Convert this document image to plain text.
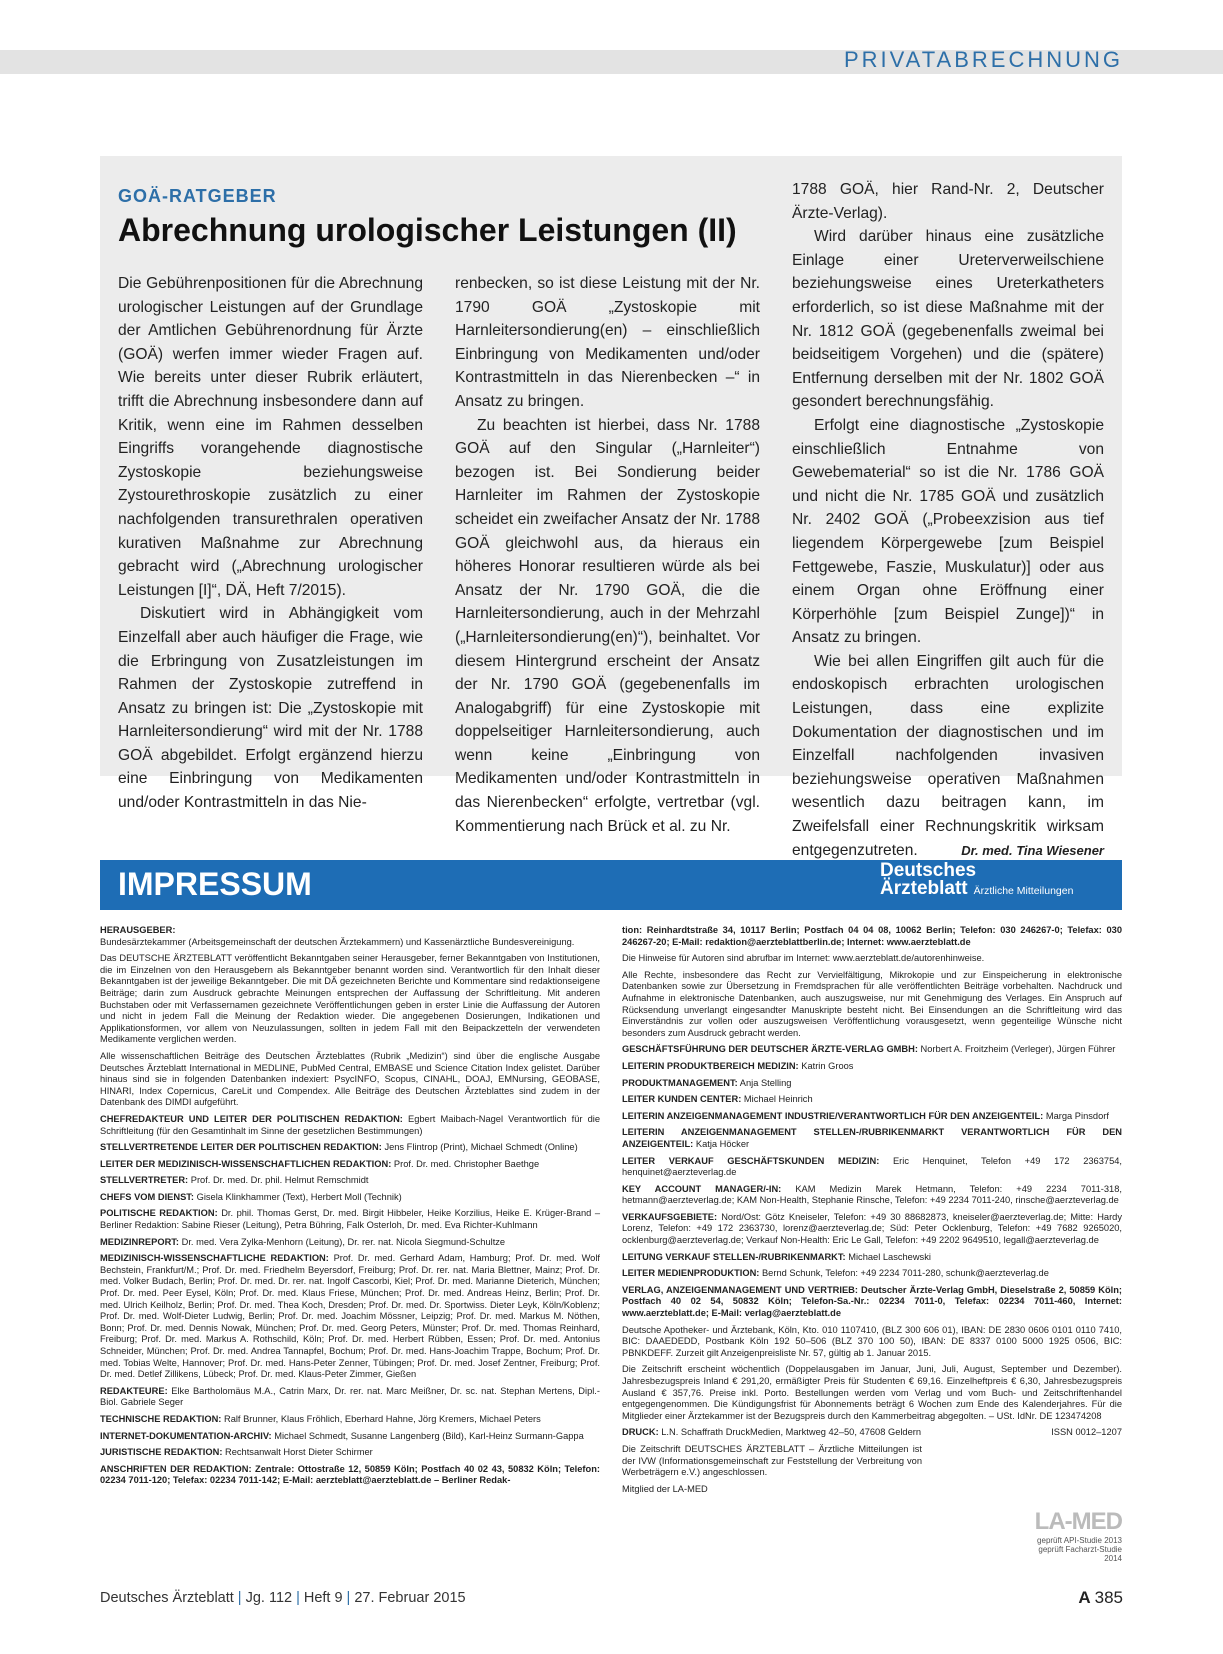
PRIVATABRECHNUNG
GOÄ-RATGEBER
Abrechnung urologischer Leistungen (II)

Die Gebührenpositionen für die Abrechnung urologischer Leistungen auf der Grundlage der Amtlichen Gebührenordnung für Ärzte (GOÄ) werfen immer wieder Fragen auf. Wie bereits unter dieser Rubrik erläutert, trifft die Abrechnung insbesondere dann auf Kritik, wenn eine im Rahmen desselben Eingriffs vorangehende diagnostische Zystoskopie beziehungsweise Zystourethroskopie zusätzlich zu einer nachfolgenden transurethralen operativen kurativen Maßnahme zur Abrechnung gebracht wird („Abrechnung urologischer Leistungen [I]“, DÄ, Heft 7/2015).

Diskutiert wird in Abhängigkeit vom Einzelfall aber auch häufiger die Frage, wie die Erbringung von Zusatzleistungen im Rahmen der Zystoskopie zutreffend in Ansatz zu bringen ist: Die „Zystoskopie mit Harnleitersondierung“ wird mit der Nr. 1788 GOÄ abgebildet. Erfolgt ergänzend hierzu eine Einbringung von Medikamenten und/oder Kontrastmitteln in das Nie-

renbecken, so ist diese Leistung mit der Nr. 1790 GOÄ „Zystoskopie mit Harnleitersondierung(en) – einschließlich Einbringung von Medikamenten und/oder Kontrastmitteln in das Nierenbecken –“ in Ansatz zu bringen.

Zu beachten ist hierbei, dass Nr. 1788 GOÄ auf den Singular („Harnleiter“) bezogen ist. Bei Sondierung beider Harnleiter im Rahmen der Zystoskopie scheidet ein zweifacher Ansatz der Nr. 1788 GOÄ gleichwohl aus, da hieraus ein höheres Honorar resultieren würde als bei Ansatz der Nr. 1790 GOÄ, die die Harnleitersondierung, auch in der Mehrzahl („Harnleitersondierung(en)“), beinhaltet. Vor diesem Hintergrund erscheint der Ansatz der Nr. 1790 GOÄ (gegebenenfalls im Analogabgriff) für eine Zystoskopie mit doppelseitiger Harnleitersondierung, auch wenn keine „Einbringung von Medikamenten und/oder Kontrastmitteln in das Nierenbecken“ erfolgte, vertretbar (vgl. Kommentierung nach Brück et al. zu Nr.

1788 GOÄ, hier Rand-Nr. 2, Deutscher Ärzte-Verlag).

Wird darüber hinaus eine zusätzliche Einlage einer Ureterverweilschiene beziehungsweise eines Ureterkatheters erforderlich, so ist diese Maßnahme mit der Nr. 1812 GOÄ (gegebenenfalls zweimal bei beidseitigem Vorgehen) und die (spätere) Entfernung derselben mit der Nr. 1802 GOÄ gesondert berechnungsfähig.

Erfolgt eine diagnostische „Zystoskopie einschließlich Entnahme von Gewebematerial“ so ist die Nr. 1786 GOÄ und nicht die Nr. 1785 GOÄ und zusätzlich Nr. 2402 GOÄ („Probeexzision aus tief liegendem Körpergewebe [zum Beispiel Fettgewebe, Faszie, Muskulatur)] oder aus einem Organ ohne Eröffnung einer Körperhöhle [zum Beispiel Zunge])“ in Ansatz zu bringen.

Wie bei allen Eingriffen gilt auch für die endoskopisch erbrachten urologischen Leistungen, dass eine explizite Dokumentation der diagnostischen und im Einzelfall nachfolgenden invasiven beziehungsweise operativen Maßnahmen wesentlich dazu beitragen kann, im Zweifelsfall einer Rechnungskritik wirksam entgegenzutreten.	Dr. med. Tina Wiesener

IMPRESSUM	Deutsches
Ärzteblatt Ärztliche Mitteilungen
HERAUSGEBER:
Bundesärztekammer (Arbeitsgemeinschaft der deutschen Ärztekammern) und Kassenärztliche Bundesvereinigung.
Das DEUTSCHE ÄRZTEBLATT veröffentlicht Bekanntgaben seiner Herausgeber, ferner Bekanntgaben von Institutionen, die im Einzelnen von den Herausgebern als Bekanntgeber benannt worden sind. Verantwortlich für den Inhalt dieser Bekanntgaben ist der jeweilige Bekanntgeber. Die mit DÄ gezeichneten Berichte und Kommentare sind redaktionseigene Beiträge; darin zum Ausdruck gebrachte Meinungen entsprechen der Auffassung der Schriftleitung. Mit anderen Buchstaben oder mit Verfassernamen gezeichnete Veröffentlichungen geben in erster Linie die Auffassung der Autoren und nicht in jedem Fall die Meinung der Redaktion wieder. Die angegebenen Dosierungen, Indikationen und Applikationsformen, vor allem von Neuzulassungen, sollten in jedem Fall mit den Beipackzetteln der verwendeten Medikamente verglichen werden.
Alle wissenschaftlichen Beiträge des Deutschen Ärzteblattes (Rubrik „Medizin“) sind über die englische Ausgabe Deutsches Ärzteblatt International in MEDLINE, PubMed Central, EMBASE und Science Citation Index gelistet. Darüber hinaus sind sie in folgenden Datenbanken indexiert: PsycINFO, Scopus, CINAHL, DOAJ, EMNursing, GEOBASE, HINARI, Index Copernicus, CareLit und Compendex. Alle Beiträge des Deutschen Ärzteblattes sind zudem in der Datenbank des DIMDI aufgeführt.
CHEFREDAKTEUR UND LEITER DER POLITISCHEN REDAKTION: Egbert Maibach-Nagel Verantwortlich für die Schriftleitung (für den Gesamtinhalt im Sinne der gesetzlichen Bestimmungen)
STELLVERTRETENDE LEITER DER POLITISCHEN REDAKTION: Jens Flintrop (Print), Michael Schmedt (Online)
LEITER DER MEDIZINISCH-WISSENSCHAFTLICHEN REDAKTION: Prof. Dr. med. Christopher Baethge
STELLVERTRETER: Prof. Dr. med. Dr. phil. Helmut Remschmidt
CHEFS VOM DIENST: Gisela Klinkhammer (Text), Herbert Moll (Technik)
POLITISCHE REDAKTION: Dr. phil. Thomas Gerst, Dr. med. Birgit Hibbeler, Heike Korzilius, Heike E. Krüger-Brand – Berliner Redaktion: Sabine Rieser (Leitung), Petra Bühring, Falk Osterloh, Dr. med. Eva Richter-Kuhlmann
MEDIZINREPORT: Dr. med. Vera Zylka-Menhorn (Leitung), Dr. rer. nat. Nicola Siegmund-Schultze
MEDIZINISCH-WISSENSCHAFTLICHE REDAKTION: Prof. Dr. med. Gerhard Adam, Hamburg; Prof. Dr. med. Wolf Bechstein, Frankfurt/M.; Prof. Dr. med. Friedhelm Beyersdorf, Freiburg; Prof. Dr. rer. nat. Maria Blettner, Mainz; Prof. Dr. med. Volker Budach, Berlin; Prof. Dr. med. Dr. rer. nat. Ingolf Cascorbi, Kiel; Prof. Dr. med. Marianne Dieterich, München; Prof. Dr. med. Peer Eysel, Köln; Prof. Dr. med. Klaus Friese, München; Prof. Dr. med. Andreas Heinz, Berlin; Prof. Dr. med. Ulrich Keilholz, Berlin; Prof. Dr. med. Thea Koch, Dresden; Prof. Dr. med. Dr. Sportwiss. Dieter Leyk, Köln/Koblenz; Prof. Dr. med. Wolf-Dieter Ludwig, Berlin; Prof. Dr. med. Joachim Mössner, Leipzig; Prof. Dr. med. Markus M. Nöthen, Bonn; Prof. Dr. med. Dennis Nowak, München; Prof. Dr. med. Georg Peters, Münster; Prof. Dr. med. Thomas Reinhard, Freiburg; Prof. Dr. med. Markus A. Rothschild, Köln; Prof. Dr. med. Herbert Rübben, Essen; Prof. Dr. med. Antonius Schneider, München; Prof. Dr. med. Andrea Tannapfel, Bochum; Prof. Dr. med. Hans-Joachim Trappe, Bochum; Prof. Dr. med. Tobias Welte, Hannover; Prof. Dr. med. Hans-Peter Zenner, Tübingen; Prof. Dr. med. Josef Zentner, Freiburg; Prof. Dr. med. Detlef Zillikens, Lübeck; Prof. Dr. med. Klaus-Peter Zimmer, Gießen
REDAKTEURE: Elke Bartholomäus M.A., Catrin Marx, Dr. rer. nat. Marc Meißner, Dr. sc. nat. Stephan Mertens, Dipl.-Biol. Gabriele Seger
TECHNISCHE REDAKTION: Ralf Brunner, Klaus Fröhlich, Eberhard Hahne, Jörg Kremers, Michael Peters
INTERNET-DOKUMENTATION-ARCHIV: Michael Schmedt, Susanne Langenberg (Bild), Karl-Heinz Surmann-Gappa
JURISTISCHE REDAKTION: Rechtsanwalt Horst Dieter Schirmer
ANSCHRIFTEN DER REDAKTION: Zentrale: Ottostraße 12, 50859 Köln; Postfach 40 02 43, 50832 Köln; Telefon: 02234 7011-120; Telefax: 02234 7011-142; E-Mail: aerzteblatt@aerzteblatt.de – Berliner Redak-
tion: Reinhardtstraße 34, 10117 Berlin; Postfach 04 04 08, 10062 Berlin; Telefon: 030 246267-0; Telefax: 030 246267-20; E-Mail: redaktion@aerzteblattberlin.de; Internet: www.aerzteblatt.de
Die Hinweise für Autoren sind abrufbar im Internet: www.aerzteblatt.de/autorenhinweise.
Alle Rechte, insbesondere das Recht zur Vervielfältigung, Mikrokopie und zur Einspeicherung in elektronische Datenbanken sowie zur Übersetzung in Fremdsprachen für alle veröffentlichten Beiträge vorbehalten. Nachdruck und Aufnahme in elektronische Datenbanken, auch auszugsweise, nur mit Genehmigung des Verlages. Ein Anspruch auf Rücksendung unverlangt eingesandter Manuskripte besteht nicht. Bei Einsendungen an die Schriftleitung wird das Einverständnis zur vollen oder auszugsweisen Veröffentlichung vorausgesetzt, wenn gegenteilige Wünsche nicht besonders zum Ausdruck gebracht werden.
GESCHÄFTSFÜHRUNG DER DEUTSCHER ÄRZTE-VERLAG GMBH: Norbert A. Froitzheim (Verleger), Jürgen Führer
LEITERIN PRODUKTBEREICH MEDIZIN: Katrin Groos
PRODUKTMANAGEMENT: Anja Stelling
LEITER KUNDEN CENTER: Michael Heinrich
LEITERIN ANZEIGENMANAGEMENT INDUSTRIE/VERANTWORTLICH FÜR DEN ANZEIGENTEIL: Marga Pinsdorf
LEITERIN ANZEIGENMANAGEMENT STELLEN-/RUBRIKENMARKT VERANTWORTLICH FÜR DEN ANZEIGENTEIL: Katja Höcker
LEITER VERKAUF GESCHÄFTSKUNDEN MEDIZIN: Eric Henquinet, Telefon +49 172 2363754, henquinet@aerzteverlag.de
KEY ACCOUNT MANAGER/-IN: KAM Medizin Marek Hetmann, Telefon: +49 2234 7011-318, hetmann@aerzteverlag.de; KAM Non-Health, Stephanie Rinsche, Telefon: +49 2234 7011-240, rinsche@aerzteverlag.de
VERKAUFSGEBIETE: Nord/Ost: Götz Kneiseler, Telefon: +49 30 88682873, kneiseler@aerzteverlag.de; Mitte: Hardy Lorenz, Telefon: +49 172 2363730, lorenz@aerzteverlag.de; Süd: Peter Ocklenburg, Telefon: +49 7682 9265020, ocklenburg@aerzteverlag.de; Verkauf Non-Health: Eric Le Gall, Telefon: +49 2202 9649510, legall@aerzteverlag.de
LEITUNG VERKAUF STELLEN-/RUBRIKENMARKT: Michael Laschewski
LEITER MEDIENPRODUKTION: Bernd Schunk, Telefon: +49 2234 7011-280, schunk@aerzteverlag.de
VERLAG, ANZEIGENMANAGEMENT UND VERTRIEB: Deutscher Ärzte-Verlag GmbH, Dieselstraße 2, 50859 Köln; Postfach 40 02 54, 50832 Köln; Telefon-Sa.-Nr.: 02234 7011-0, Telefax: 02234 7011-460, Internet: www.aerzteblatt.de; E-Mail: verlag@aerzteblatt.de
Deutsche Apotheker- und Ärztebank, Köln, Kto. 010 1107410, (BLZ 300 606 01), IBAN: DE 2830 0606 0101 0110 7410, BIC: DAAEDEDD, Postbank Köln 192 50–506 (BLZ 370 100 50), IBAN: DE 8337 0100 5000 1925 0506, BIC: PBNKDEFF. Zurzeit gilt Anzeigenpreisliste Nr. 57, gültig ab 1. Januar 2015.
Die Zeitschrift erscheint wöchentlich (Doppelausgaben im Januar, Juni, Juli, August, September und Dezember). Jahresbezugspreis Inland € 291,20, ermäßigter Preis für Studenten € 69,16. Einzelheftpreis € 6,30, Jahresbezugspreis Ausland € 357,76. Preise inkl. Porto. Bestellungen werden vom Verlag und vom Buch- und Zeitschriftenhandel entgegengenommen. Die Kündigungsfrist für Abonnements beträgt 6 Wochen zum Ende des Kalenderjahres. Für die Mitglieder einer Ärztekammer ist der Bezugspreis durch den Kammerbeitrag abgegolten. – USt. IdNr. DE 123474208
DRUCK: L.N. Schaffrath DruckMedien, Marktweg 42–50, 47608 Geldern	ISSN 0012–1207
Die Zeitschrift DEUTSCHES ÄRZTEBLATT – Ärztliche Mitteilungen ist der IVW (Informationsgemeinschaft zur Feststellung der Verbreitung von Werbeträgern e.V.) angeschlossen.
Mitglied der LA-MED
LA-MED
geprüft API-Studie 2013
geprüft Facharzt-Studie 2014
Deutsches Ärzteblatt | Jg. 112 | Heft 9 | 27. Februar 2015	A 385
